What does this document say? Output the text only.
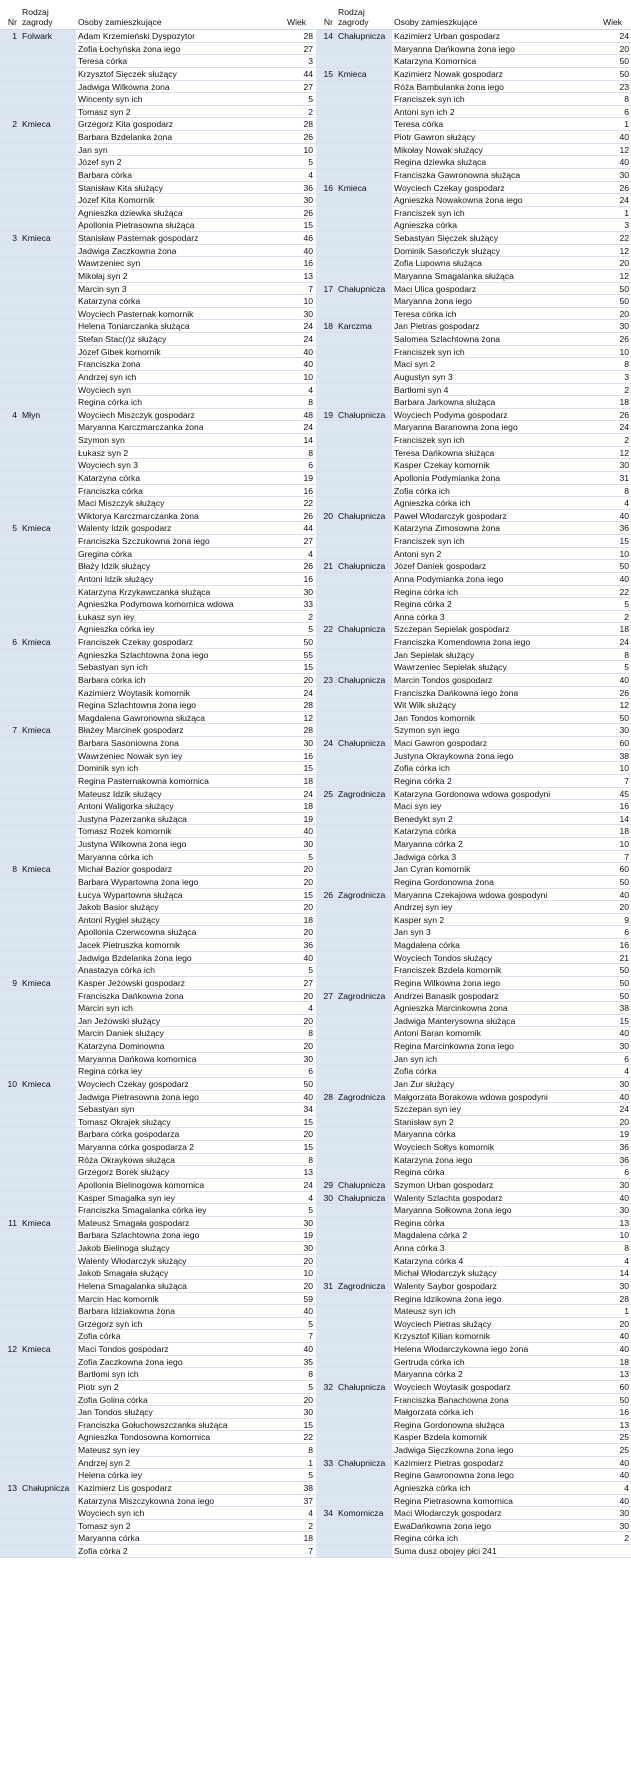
Nr
Rodzaj zagrody	Osoby zamieszkujące	Wiek
1 Folwark	Adam Krzemieński Dyspozytor	28
Zofia Łochyńska żona iego	27
Teresa córka	3
Krzysztof Sięczek służący	44
Jadwiga Wilkowna żona	27
Wincenty syn ich	5
Tomasz syn 2	2
2 Kmieca	Grzegorz Kita gospodarz	28
Barbara Bzdelanka żona	26
Jan syn	10
Józef syn 2	5
Barbara córka	4
Stanisław Kita służący	36
Józef Kita Komornik	30
Agnieszka dziewka służąca	26
Apollonia Pietrasowna służąca	15
3 Kmieca	Stanisław Pasternak gospodarz	46
Jadwiga Zaczkowna żona	40
Wawrzeniec syn	16
Mikołaj syn 2	13
Marcin syn 3	7
Katarzyna córka	10
Woyciech Pasternak komornik	30
Helena Toniarczanka służąca	24
Stefan Stac(r)z służący	24
Józef Gibek komornik	40
Franciszka żona	40
Andrzej syn ich	10
Woyciech syn	4
Regina córka ich	8
4 Młyn	Woyciech Miszczyk gospodarz	48
Maryanna Karczmarczanka żona	24
Szymon syn	14
Łukasz syn 2	8
Woyciech syn 3	6
Katarzyna córka	19
Franciszka córka	16
Maci Miszczyk służący	22
Wiktorya Karczmarczanka żona	26
5 Kmieca	Walenty Idzik gospodarz	44
Franciszka Szczukowna żona iego	27
Gregina córka	4
Błaży Idzik służący	26
Antoni Idzik służący	16
Katarzyna Krzykawczanka służąca	30
Agnieszka Podymowa komornica wdowa	33
Łukasz syn iey	2
Agnieszka córka iey	5
6 Kmieca	Franciszek Czekay gospodarz	50
Agnieszka Szlachtowna żona iego	55
Sebastyan syn ich	15
Barbara córka ich	20
Kazimierz Woytasik komornik	24
Regina Szlachtowna żona iego	28
Magdalena Gawronowna służąca	12
7 Kmieca	Błażey Marcinek gospodarz	28
Barbara Sasoniowna żona	30
Wawrzeniec Nowak syn iey	16
Dominik syn ich	15
Regina Pasternakowna komornica	18
Mateusz Idzik służący	24
Antoni Waligorka służący	18
Justyna Pazerzanka służąca	19
Tomasz Rozek komornik	40
Justyna Wilkowna żona iego	30
Maryanna córka ich	5
8 Kmieca	Michał Bazior gospodarz	20
Barbara Wypartowna żona iego	20
Łucya Wypartowna służąca	15
Jakob Basior służący	20
Antoni Rygiel służący	18
Apollonia Czerwcowna służąca	20
Jacek Pietruszka komornik	36
Jadwiga Bzdelanka żona iego	40
Anastazya córka ich	5
9 Kmieca	Kasper Jeżowski gospodarz	27
Franciszka Dańkowna żona	20
Marcin syn ich	4
Jan Jeżowski służący	20
Marcin Daniek służący	8
Katarzyna Dominowna	20
Maryanna Dańkowa komornica	30
Regina córka iey	6
10 Kmieca	Woyciech Czekay gospodarz	50
Jadwiga Pietrasowna żona iego	40
Sebastyan syn	34
Tomasz Okrajek służący	15
Barbara córka gospodarza	20
Maryanna córka gospodarza 2	15
Róża Okraykowa służąca	8
Grzegorz Borek służący	13
Apollonia Bielinogowa komornica	24
Kasper Smagałka syn iey	4
Franciszka Smagalanka córka iey	5
11 Kmieca	Mateusz Smagała gospodarz	30
Barbara Szlachtowna żona iego	19
Jakob Bielinoga służący	30
Walenty Włodarczyk służący	20
Jakob Smagała służący	10
Helena Smagalanka służąca	20
Marcin Hac komornik	59
Barbara Idziakowna żona	40
Grzegorz syn ich	5
Zofia córka	7
12 Kmieca	Maci Tondos gospodarz	40
Zofia Zaczkowna żona iego	35
Bartłomi syn ich	8
Piotr syn 2	5
Zofia Golina córka	20
Jan Tondos służący	30
Franciszka Gołuchowszczanka służąca	15
Agnieszka Tondosowna komornica	22
Mateusz syn iey	8
Andrzej syn 2	1
Helena córka iey	5
13 Chałupnicza	Kazimierz Lis gospodarz	38
Katarzyna Miszczykowna żona iego	37
Woyciech syn ich	4
Tomasz syn 2	2
Maryanna córka	18
Zofia córka 2	7
Nr
Rodzaj zagrody	Osoby zamieszkujące	Wiek
14 Chałupnicza	Kazimierz Urban gospodarz	24
Maryanna Dańkowna żona iego	20
Katarzyna Komornica	50
15 Kmieca	Kazimierz Nowak gospodarz	50
Róża Bambulanka żona iego	23
Franciszek syn ich	8
Antoni syn ich 2	6
Teresa córka	1
Piotr Gawron służący	40
Mikołay Nowak służący	12
Regina dziewka służąca	40
Franciszka Gawronowna służąca	30
16 Kmieca	Woyciech Czekay gospodarz	26
Agnieszka Nowakowna żona iego	24
Franciszek syn ich	1
Agnieszka córka	3
Sebastyan Sięczek służący	22
Dominik Sasończyk służący	12
Zofia Lupowna służąca	20
Maryanna Smagalanka służąca	12
17 Chałupnicza	Maci Ulica gospodarz	50
Maryanna żona iego	50
Teresa córka ich	20
18 Karczma	Jan Pietras gospodarz	30
Salomea Szlachtowna żona	26
Franciszek syn ich	10
Maci syn 2	8
Augustyn syn 3	3
Bartłomi syn 4	2
Barbara Jarkowna służąca	18
19 Chałupnicza	Woyciech Podyma gospodarz	26
Maryanna Baranowna żona iego	24
Franciszek syn ich	2
Teresa Dańkowna służąca	12
Kasper Czekay komornik	30
Apollonia Podymianka żona	31
Zofia córka ich	8
Agnieszka córka ich	4
20 Chałupnicza	Paweł Włodarczyk gospodarz	40
Katarzyna Zimosowna żona	36
Franciszek syn ich	15
Antoni syn 2	10
21 Chałupnicza	Józef Daniek gospodarz	50
Anna Podymianka żona iego	40
Regina córka ich	22
Regina córka 2	5
Anna córka 3	2
22 Chałupnicza	Szczepan Sepielak gospodarz	18
Franciszka Komendowna żona iego	24
Jan Sepielak służący	8
Wawrzeniec Sepielak służący	5
23 Chałupnicza	Marcin Tondos gospodarz	40
Franciszka Dańkowna iego żona	26
Wit Wilk służący	12
Jan Tondos komornik	50
Szymon syn iego	30
24 Chałupnicza	Maci Gawron gospodarz	60
Justyna Okraykowna żona iego	38
Zofia córka ich	10
Regina córka 2	7
25 Zagrodnicza	Katarzyna Gordonowa wdowa gospodyni	45
Maci syn iey	16
Benedykt syn 2	14
Katarzyna córka	18
Maryanna córka 2	10
Jadwiga córka 3	7
Jan Cyran komornik	60
Regina Gordonowna żona	50
26 Zagrodnicza	Maryanna Czekajowa wdowa gospodyni	40
Andrzej syn iey	20
Kasper syn 2	9
Jan syn 3	6
Magdalena córka	16
Woyciech Tondos służący	21
Franciszek Bzdela komornik	50
Regina Wilkowna żona iego	50
27 Zagrodnicza	Andrzei Banasik gospodarz	50
Agnieszka Marcinkowna żona	38
Jadwiga Manterysowna służąca	15
Antoni Baran komornik	40
Regina Marcinkowna żona iego	30
Jan syn ich	6
Zofia córka	4
Jan Żur służący	30
28 Zagrodnicza	Małgorzata Borakowa wdowa gospodyni	40
Szczepan syn iey	24
Stanisław syn 2	20
Maryanna córka	19
Woyciech Sołtys komornik	36
Katarzyna żona iego	36
Regina córka	6
29 Chałupnicza	Szymon Urban gospodarz	30
30 Chałupnicza	Walenty Szlachta gospodarz	40
Maryanna Sołkowna żona iego	30
Regina córka	13
Magdalena córka 2	10
Anna córka 3	8
Katarzyna córka 4	4
Michał Włodarczyk służący	14
31 Zagrodnicza	Walenty Saybor gospodarz	30
Regina Idzikowna żona iego	28
Mateusz syn ich	1
Woyciech Pietras służący	20
Krzysztof Kilian komornik	40
Helena Włodarczykowna iego żona	40
Gertruda córka ich	18
Maryanna córka 2	13
32 Chałupnicza	Woyciech Woytasik gospodarz	60
Franciszka Banachowna żona	50
Małgorzata córka ich	16
Regina Gordonowna służąca	13
Kasper Bzdela komornik	25
Jadwiga Sięczkowna żona iego	25
33 Chałupnicza	Kazimierz Pietras gospodarz	40
Regina Gawronowna żona iego	40
Agnieszka córka ich	4
Regina Pietrasowna komornica	40
34 Komornicza	Maci Włodarczyk gospodarz	30
EwaDańkowna żona iego	30
Regina córka ich	2
Suma dusz obojey płci 241
